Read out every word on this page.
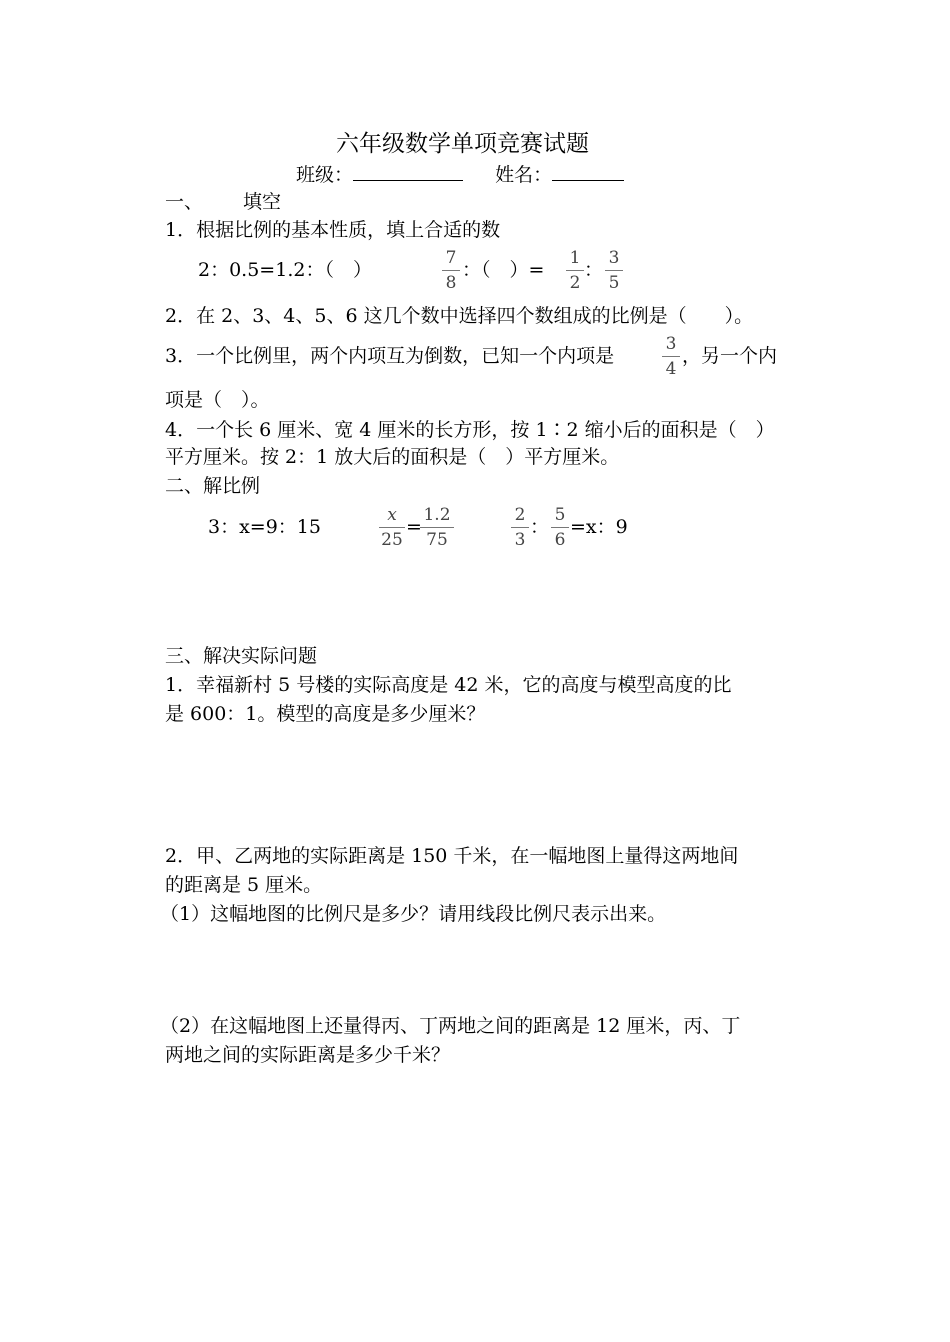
六年级数学单项竞赛试题
班级：	姓名：
一、 填空
1．根据比例的基本性质，填上合适的数
2：0.5=1.2：（　）
7
8
：（　）=
1
2
：
3
5
2．在 2、3、4、5、6 这几个数中选择四个数组成的比例是（　　）。
3．一个比例里，两个内项互为倒数，已知一个内项是
3
4
，另一个内
项是（　）。
4．一个长 6 厘米、宽 4 厘米的长方形，按 1∶2 缩小后的面积是（　）
平方厘米。按 2：1 放大后的面积是（　）平方厘米。
二、解比例
3：x=9：15
x
25
=
1.2
75
2
3
：
5
6
=x：9
三、解决实际问题
1．幸福新村 5 号楼的实际高度是 42 米，它的高度与模型高度的比
是 600：1。模型的高度是多少厘米？
2．甲、乙两地的实际距离是 150 千米，在一幅地图上量得这两地间
的距离是 5 厘米。
（1）这幅地图的比例尺是多少？请用线段比例尺表示出来。
（2）在这幅地图上还量得丙、丁两地之间的距离是 12 厘米，丙、丁
两地之间的实际距离是多少千米？
